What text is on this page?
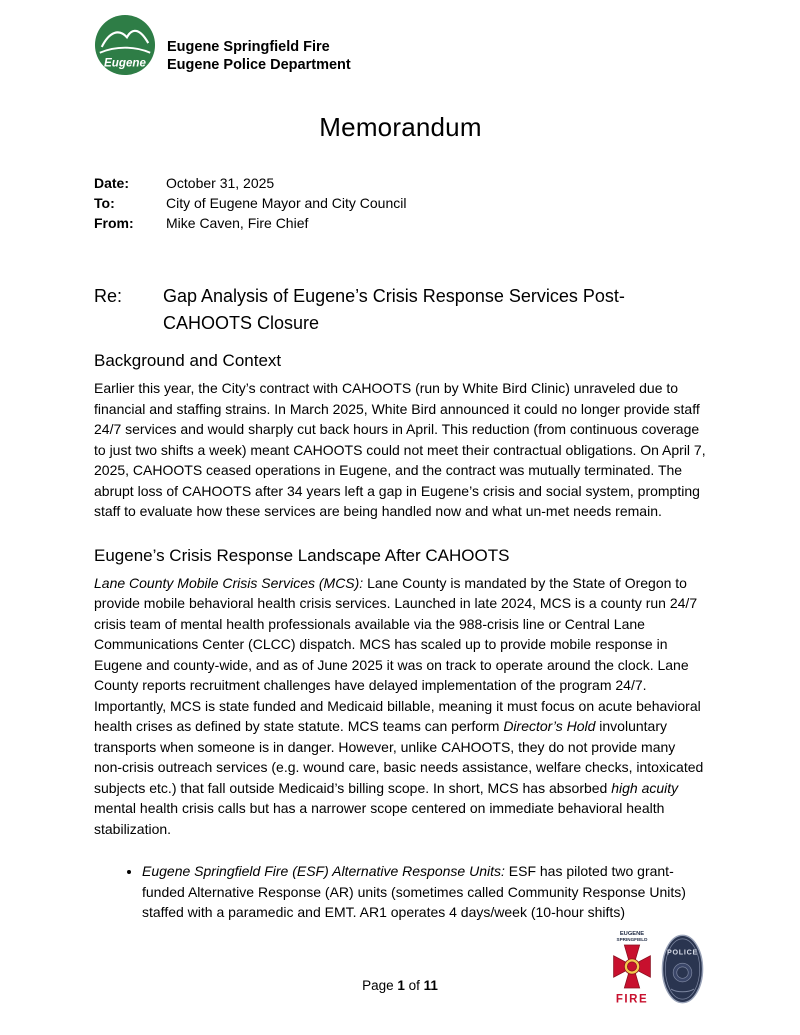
Eugene
Eugene Springfield Fire
Eugene Police Department
Memorandum
Date:	October 31, 2025
To:	City of Eugene Mayor and City Council
From:	Mike Caven, Fire Chief
Re:	Gap Analysis of Eugene’s Crisis Response Services Post-CAHOOTS Closure
Background and Context

Earlier this year, the City’s contract with CAHOOTS (run by White Bird Clinic) unraveled due to financial and staffing strains. In March 2025, White Bird announced it could no longer provide staff 24/7 services and would sharply cut back hours in April. This reduction (from continuous coverage to just two shifts a week) meant CAHOOTS could not meet their contractual obligations. On April 7, 2025, CAHOOTS ceased operations in Eugene, and the contract was mutually terminated. The abrupt loss of CAHOOTS after 34 years left a gap in Eugene’s crisis and social system, prompting staff to evaluate how these services are being handled now and what un-met needs remain.

Eugene’s Crisis Response Landscape After CAHOOTS

Lane County Mobile Crisis Services (MCS): Lane County is mandated by the State of Oregon to provide mobile behavioral health crisis services. Launched in late 2024, MCS is a county run 24/7 crisis team of mental health professionals available via the 988-crisis line or Central Lane Communications Center (CLCC) dispatch. MCS has scaled up to provide mobile response in Eugene and county-wide, and as of June 2025 it was on track to operate around the clock. Lane County reports recruitment challenges have delayed implementation of the program 24/7. Importantly, MCS is state funded and Medicaid billable, meaning it must focus on acute behavioral health crises as defined by state statute. MCS teams can perform Director’s Hold involuntary transports when someone is in danger. However, unlike CAHOOTS, they do not provide many non-crisis outreach services (e.g. wound care, basic needs assistance, welfare checks, intoxicated subjects etc.) that fall outside Medicaid’s billing scope. In short, MCS has absorbed high acuity mental health crisis calls but has a narrower scope centered on immediate behavioral health stabilization.

• Eugene Springfield Fire (ESF) Alternative Response Units: ESF has piloted two grant-funded Alternative Response (AR) units (sometimes called Community Response Units) staffed with a paramedic and EMT. AR1 operates 4 days/week (10-hour shifts)
Page 1 of 11
EUGENE
SPRINGFIELD
FIRE
POLICE
